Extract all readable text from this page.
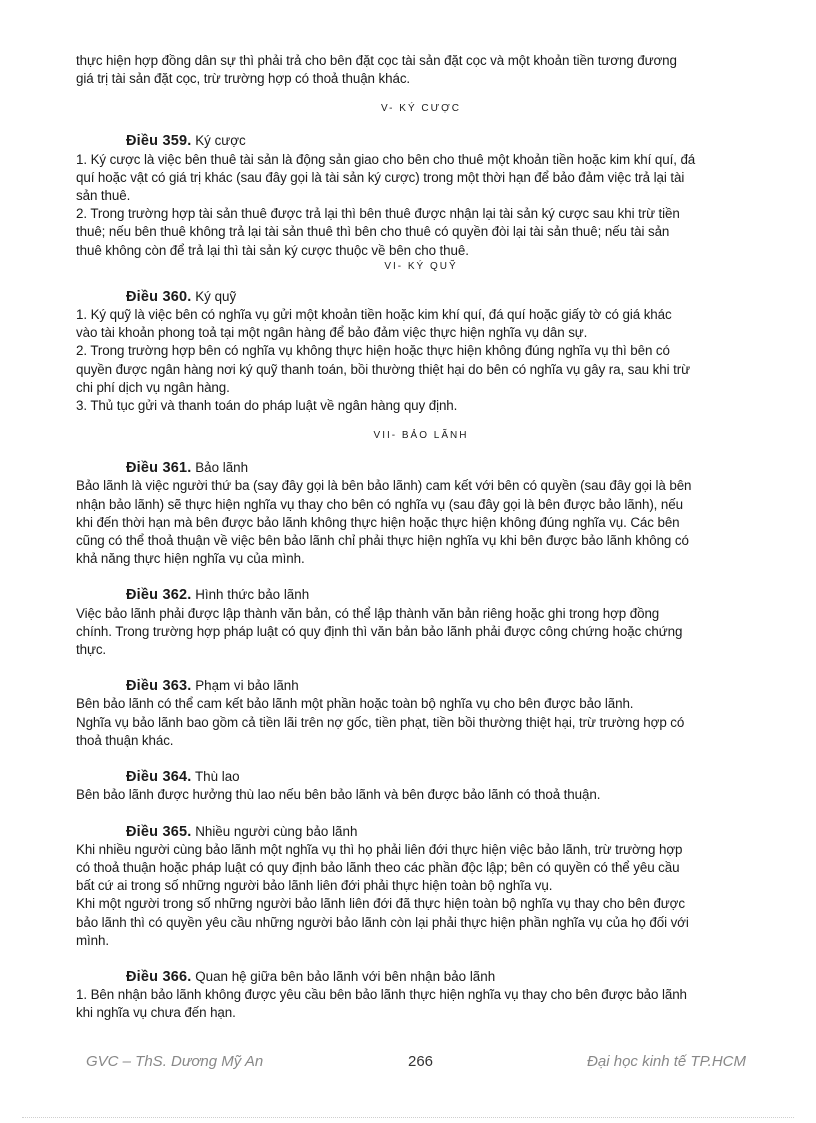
thực hiện hợp đồng dân sự thì phải trả cho bên đặt cọc tài sản đặt cọc và một khoản tiền tương đương

giá trị tài sản đặt cọc, trừ trường hợp có thoả thuận khác.

V- KÝ CƯỢC
Điều 359. Ký cược

1. Ký cược là việc bên thuê tài sản là động sản giao cho bên cho thuê một khoản tiền hoặc kim khí quí, đá

quí hoặc vật có giá trị khác (sau đây gọi là tài sản ký cược) trong một thời hạn để bảo đảm việc trả lại tài

sản thuê.

2. Trong trường hợp tài sản thuê được trả lại thì bên thuê được nhận lại tài sản ký cược sau khi trừ tiền

thuê; nếu bên thuê không trả lại tài sản thuê thì bên cho thuê có quyền đòi lại tài sản thuê; nếu tài sản

thuê không còn để trả lại thì tài sản ký cược thuộc về bên cho thuê.

VI- KÝ QUỸ
Điều 360. Ký quỹ

1. Ký quỹ là việc bên có nghĩa vụ gửi một khoản tiền hoặc kim khí quí, đá quí hoặc giấy tờ có giá khác

vào tài khoản phong toả tại một ngân hàng để bảo đảm việc thực hiện nghĩa vụ dân sự.

2. Trong trường hợp bên có nghĩa vụ không thực hiện hoặc thực hiện không đúng nghĩa vụ thì bên có

quyền được ngân hàng nơi ký quỹ thanh toán, bồi thường thiệt hại do bên có nghĩa vụ gây ra, sau khi trừ

chi phí dịch vụ ngân hàng.

3. Thủ tục gửi và thanh toán do pháp luật về ngân hàng quy định.

VII- BẢO LÃNH
Điều 361. Bảo lãnh

Bảo lãnh là việc người thứ ba (say đây gọi là bên bảo lãnh) cam kết với bên có quyền (sau đây gọi là bên

nhận bảo lãnh) sẽ thực hiện nghĩa vụ thay cho bên có nghĩa vụ (sau đây gọi là bên được bảo lãnh), nếu

khi đến thời hạn mà bên được bảo lãnh không thực hiện hoặc thực hiện không đúng nghĩa vụ. Các bên

cũng có thể thoả thuận về việc bên bảo lãnh chỉ phải thực hiện nghĩa vụ khi bên được bảo lãnh không có

khả năng thực hiện nghĩa vụ của mình.

Điều 362. Hình thức bảo lãnh

Việc bảo lãnh phải được lập thành văn bản, có thể lập thành văn bản riêng hoặc ghi trong hợp đồng

chính. Trong trường hợp pháp luật có quy định thì văn bản bảo lãnh phải được công chứng hoặc chứng

thực.

Điều 363. Phạm vi bảo lãnh

Bên bảo lãnh có thể cam kết bảo lãnh một phần hoặc toàn bộ nghĩa vụ cho bên được bảo lãnh.

Nghĩa vụ bảo lãnh bao gồm cả tiền lãi trên nợ gốc, tiền phạt, tiền bồi thường thiệt hại, trừ trường hợp có

thoả thuận khác.

Điều 364. Thù lao

Bên bảo lãnh được hưởng thù lao nếu bên bảo lãnh và bên được bảo lãnh có thoả thuận.

Điều 365. Nhiều người cùng bảo lãnh

Khi nhiều người cùng bảo lãnh một nghĩa vụ thì họ phải liên đới thực hiện việc bảo lãnh, trừ trường hợp

có thoả thuận hoặc pháp luật có quy định bảo lãnh theo các phần độc lập; bên có quyền có thể yêu cầu

bất cứ ai trong số những người bảo lãnh liên đới phải thực hiện toàn bộ nghĩa vụ.

Khi một người trong số những người bảo lãnh liên đới đã thực hiện toàn bộ nghĩa vụ thay cho bên được

bảo lãnh thì có quyền yêu cầu những người bảo lãnh còn lại phải thực hiện phần nghĩa vụ của họ đối với

mình.

Điều 366. Quan hệ giữa bên bảo lãnh với bên nhận bảo lãnh

1. Bên nhận bảo lãnh không được yêu cầu bên bảo lãnh thực hiện nghĩa vụ thay cho bên được bảo lãnh

khi nghĩa vụ chưa đến hạn.

GVC – ThS. Dương Mỹ An	266	Đại học kinh tế TP.HCM
